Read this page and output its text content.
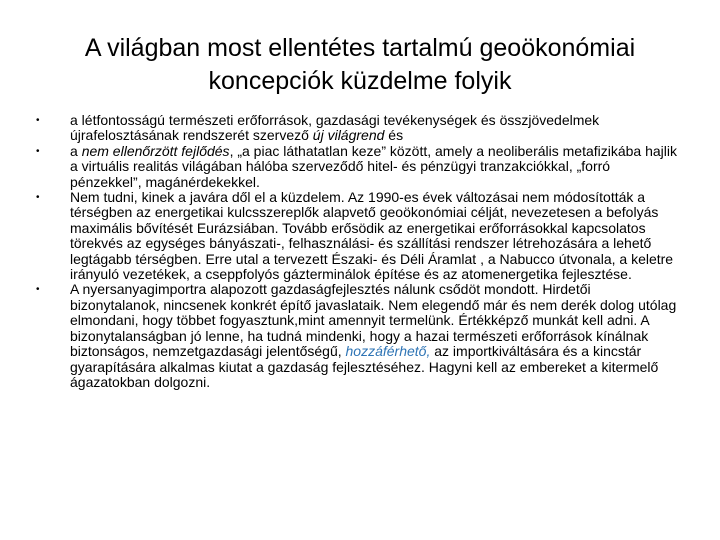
A világban most ellentétes tartalmú geoökonómiai
koncepciók küzdelme folyik
•	a létfontosságú természeti erőforrások, gazdasági tevékenységek és összjövedelmek újrafelosztásának rendszerét szervező új világrend és
•	a nem ellenőrzött fejlődés, „a piac láthatatlan keze” között, amely a neoliberális metafizikába hajlik a virtuális realitás világában hálóba szerveződő hitel- és pénzügyi tranzakciókkal, „forró pénzekkel”, magánérdekekkel.
•	Nem tudni, kinek a javára dől el a küzdelem. Az 1990-es évek változásai nem módosították a térségben az energetikai kulcsszereplők alapvető geoökonómiai célját, nevezetesen a befolyás maximális bővítését Eurázsiában. Tovább erősödik az energetikai erőforrásokkal kapcsolatos törekvés az egységes bányászati-, felhasználási- és szállítási rendszer létrehozására a lehető legtágabb térségben. Erre utal a tervezett Északi- és Déli Áramlat , a Nabucco útvonala, a keletre irányuló vezetékek, a cseppfolyós gázterminálok építése és az atomenergetika fejlesztése.
•	A nyersanyagimportra alapozott gazdaságfejlesztés nálunk csődöt mondott. Hirdetői bizonytalanok, nincsenek konkrét építő javaslataik. Nem elegendő már és nem derék dolog utólag elmondani, hogy többet fogyasztunk,mint amennyit termelünk. Értékképző munkát kell adni. A bizonytalanságban jó lenne, ha tudná mindenki, hogy a hazai természeti erőforrások kínálnak biztonságos, nemzetgazdasági jelentőségű, hozzáférhető, az importkiváltására és a kincstár gyarapítására alkalmas kiutat a gazdaság fejlesztéséhez. Hagyni kell az embereket a kitermelő ágazatokban dolgozni.
